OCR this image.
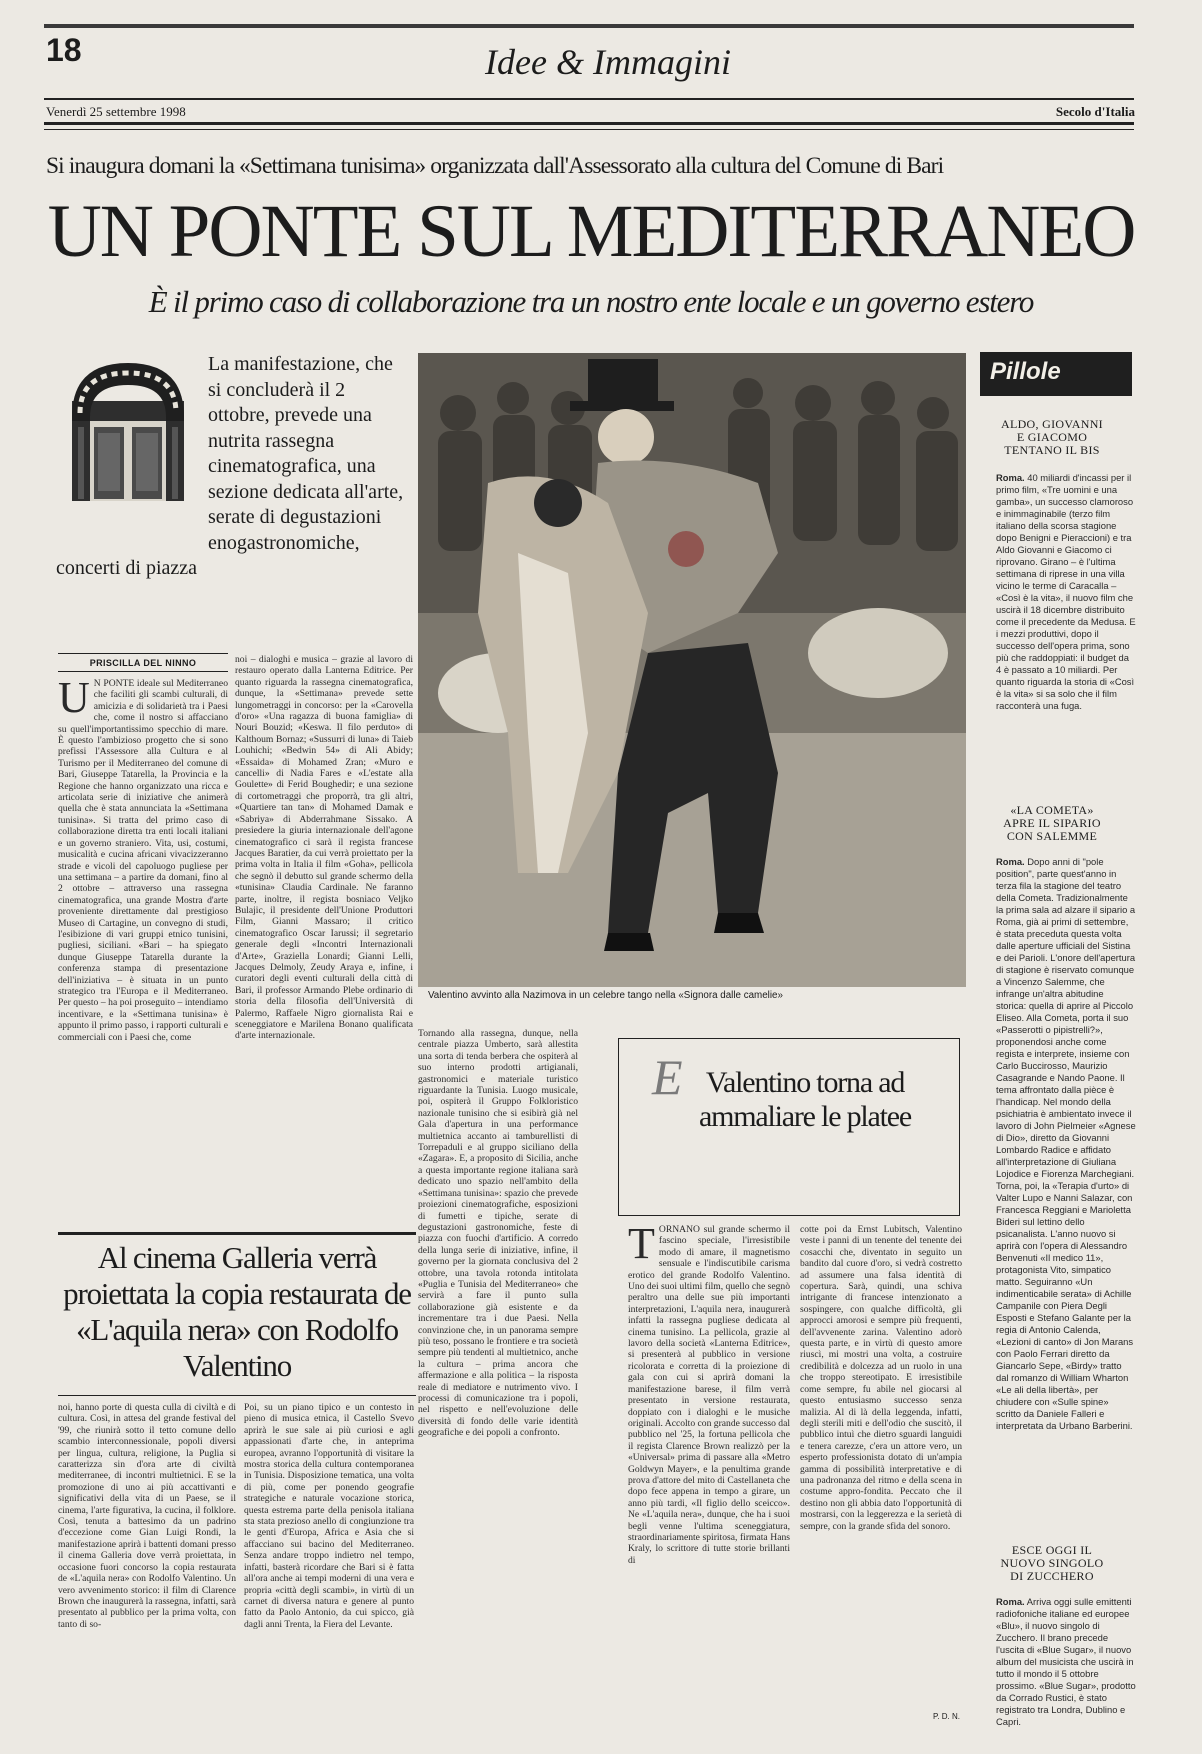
18	Idee & Immagini
Venerdì 25 settembre 1998	Secolo d'Italia
Si inaugura domani la «Settimana tunisima» organizzata dall'Assessorato alla cultura del Comune di Bari
UN PONTE SUL MEDITERRANEO
È il primo caso di collaborazione tra un nostro ente locale e un governo estero
La manifestazione, che si concluderà il 2 ottobre, prevede una nutrita rassegna cinematografica, una sezione dedicata all'arte, serate di degustazioni enogastronomiche, concerti di piazza
Valentino avvinto alla Nazimova in un celebre tango nella «Signora dalle camelie»
PRISCILLA DEL NINNO
U N PONTE ideale sul Mediterraneo che faciliti gli scambi culturali, di amicizia e di solidarietà tra i Paesi che, come il nostro si affacciano su quell'importantissimo specchio di mare. È questo l'ambizioso progetto che si sono prefissi l'Assessore alla Cultura e al Turismo per il Mediterraneo del comune di Bari, Giuseppe Tatarella, la Provincia e la Regione che hanno organizzato una ricca e articolata serie di iniziative che animerà quella che è stata annunciata la «Settimana tunisina». Si tratta del primo caso di collaborazione diretta tra enti locali italiani e un governo straniero. Vita, usi, costumi, musicalità e cucina africani vivacizzeranno strade e vicoli del capoluogo pugliese per una settimana – a partire da domani, fino al 2 ottobre – attraverso una rassegna cinematografica, una grande Mostra d'arte proveniente direttamente dal prestigioso Museo di Cartagine, un convegno di studi, l'esibizione di vari gruppi etnico tunisini, pugliesi, siciliani. «Bari – ha spiegato dunque Giuseppe Tatarella durante la conferenza stampa di presentazione dell'iniziativa – è situata in un punto strategico tra l'Europa e il Mediterraneo. Per questo – ha poi proseguito – intendiamo incentivare, e la «Settimana tunisina» è appunto il primo passo, i rapporti culturali e commerciali con i Paesi che, come
noi – dialoghi e musica – grazie al lavoro di restauro operato dalla Lanterna Editrice. Per quanto riguarda la rassegna cinematografica, dunque, la «Settimana» prevede sette lungometraggi in concorso: per la «Carovella d'oro» «Una ragazza di buona famiglia» di Nouri Bouzid; «Keswa. Il filo perduto» di Kalthoum Bornaz; «Sussurri di luna» di Taieb Louhichi; «Bedwin 54» di Ali Abidy; «Essaida» di Mohamed Zran; «Muro e cancelli» di Nadia Fares e «L'estate alla Goulette» di Ferid Boughedir; e una sezione di cortometraggi che proporrà, tra gli altri, «Quartiere tan tan» di Mohamed Damak e «Sabriya» di Abderrahmane Sissako. A presiedere la giuria internazionale dell'agone cinematografico ci sarà il regista francese Jacques Baratier, da cui verrà proiettato per la prima volta in Italia il film «Goha», pellicola che segnò il debutto sul grande schermo della «tunisina» Claudia Cardinale. Ne faranno parte, inoltre, il regista bosniaco Veljko Bulajic, il presidente dell'Unione Produttori Film, Gianni Massaro; il critico cinematografico Oscar Iarussi; il segretario generale degli «Incontri Internazionali d'Arte», Graziella Lonardi; Gianni Lelli, Jacques Delmoly, Zeudy Araya e, infine, i curatori degli eventi culturali della città di Bari, il professor Armando Plebe ordinario di storia della filosofia dell'Università di Palermo, Raffaele Nigro giornalista Rai e sceneggiatore e Marilena Bonano qualificata d'arte internazionale.	Tornando alla rassegna, dunque, nella centrale piazza Umberto, sarà allestita una sorta di tenda berbera che ospiterà al suo interno prodotti artigianali, gastronomici e materiale turistico riguardante la Tunisia. Luogo musicale, poi, ospiterà il Gruppo Folkloristico nazionale tunisino che si esibirà già nel Gala d'apertura in una performance multietnica accanto ai tamburellisti di Torrepaduli e al gruppo siciliano della «Zagara». E, a proposito di Sicilia, anche a questa importante regione italiana sarà dedicato uno spazio nell'ambito della «Settimana tunisina»: spazio che prevede proiezioni cinematografiche, esposizioni di fumetti e tipiche, serate di degustazioni gastronomiche, feste di piazza con fuochi d'artificio. A corredo della lunga serie di iniziative, infine, il governo per la giornata conclusiva del 2 ottobre, una tavola rotonda intitolata «Puglia e Tunisia del Mediterraneo» che servirà a fare il punto sulla collaborazione già esistente e da incrementare tra i due Paesi. Nella convinzione che, in un panorama sempre più teso, possano le frontiere e tra società sempre più tendenti al multietnico, anche la cultura – prima ancora che affermazione e alla politica – la risposta reale di mediatore e nutrimento vivo. I processi di comunicazione tra i popoli, nel rispetto e nell'evoluzione delle diversità di fondo delle varie identità geografiche e dei popoli a confronto.
Al cinema Galleria verrà proiettata la copia restaurata de «L'aquila nera» con Rodolfo Valentino
noi, hanno porte di questa culla di civiltà e di cultura. Così, in attesa del grande festival del '99, che riunirà sotto il tetto comune dello scambio interconnessionale, popoli diversi per lingua, cultura, religione, la Puglia si caratterizza sin d'ora arte di civiltà mediterranee, di incontri multietnici. E se la promozione di uno ai più accattivanti e significativi della vita di un Paese, se il cinema, l'arte figurativa, la cucina, il folklore. Così, tenuta a battesimo da un padrino d'eccezione come Gian Luigi Rondi, la manifestazione aprirà i battenti domani presso il cinema Galleria dove verrà proiettata, in occasione fuori concorso la copia restaurata de «L'aquila nera» con Rodolfo Valentino. Un vero avvenimento storico: il film di Clarence Brown che inaugurerà la rassegna, infatti, sarà presentato al pubblico per la prima volta, con tanto di so-
Poi, su un piano tipico e un contesto in pieno di musica etnica, il Castello Svevo aprirà le sue sale ai più curiosi e agli appassionati d'arte che, in anteprima europea, avranno l'opportunità di visitare la mostra storica della cultura contemporanea in Tunisia. Disposizione tematica, una volta di più, come per ponendo geografie strategiche e naturale vocazione storica, questa estrema parte della penisola italiana sta stata prezioso anello di congiunzione tra le genti d'Europa, Africa e Asia che si affacciano sui bacino del Mediterraneo. Senza andare troppo indietro nel tempo, infatti, basterà ricordare che Bari si è fatta all'ora anche ai tempi moderni di una vera e propria «città degli scambi», in virtù di un carnet di diversa natura e genere al punto fatto da Paolo Antonio, da cui spicco, già dagli anni Trenta, la Fiera del Levante.
E Valentino torna ad ammaliare le platee
TORNANO sul grande schermo il fascino speciale, l'irresistibile modo di amare, il magnetismo sensuale e l'indiscutibile carisma erotico del grande Rodolfo Valentino. Uno dei suoi ultimi film, quello che segnò peraltro una delle sue più importanti interpretazioni, L'aquila nera, inaugurerà infatti la rassegna pugliese dedicata al cinema tunisino. La pellicola, grazie al lavoro della società «Lanterna Editrice», si presenterà al pubblico in versione ricolorata e corretta di la proiezione di gala con cui si aprirà domani la manifestazione barese, il film verrà presentato in versione restaurata, doppiato con i dialoghi e le musiche originali. Accolto con grande successo dal pubblico nel '25, la fortuna pellicola che il regista Clarence Brown realizzò per la «Universal» prima di passare alla «Metro Goldwyn Mayer», e la penultima grande prova d'attore del mito di Castellaneta che dopo fece appena in tempo a girare, un anno più tardi, «Il figlio dello sceicco». Ne «L'aquila nera», dunque, che ha i suoi begli venne l'ultima sceneggiatura, straordinariamente spiritosa, firmata Hans Kraly, lo scrittore di tutte storie brillanti di
cotte poi da Ernst Lubitsch, Valentino veste i panni di un tenente del tenente dei cosacchi che, diventato in seguito un bandito dal cuore d'oro, si vedrà costretto ad assumere una falsa identità di copertura. Sarà, quindi, una schiva intrigante di francese intenzionato a sospingere, con qualche difficoltà, gli approcci amorosi e sempre più frequenti, dell'avvenente zarina. Valentino adorò questa parte, e in virtù di questo amore riuscì, mi mostri una volta, a costruire credibilità e dolcezza ad un ruolo in una che troppo stereotipato. E irresistibile come sempre, fu abile nel giocarsi al questo entusiasmo successo senza malizia. Al di là della leggenda, infatti, degli sterili miti e dell'odio che suscitò, il pubblico intuì che dietro sguardi languidi e tenera carezze, c'era un attore vero, un esperto professionista dotato di un'ampia gamma di possibilità interpretative e di una padronanza del ritmo e della scena in costume appro-fondita. Peccato che il destino non gli abbia dato l'opportunità di mostrarsi, con la leggerezza e la serietà di sempre, con la grande sfida del sonoro.
P. D. N.
Pillole
ALDO, GIOVANNI E GIACOMO TENTANO IL BIS
Roma. 40 miliardi d'incassi per il primo film, «Tre uomini e una gamba», un successo clamoroso e inimmaginabile (terzo film italiano della scorsa stagione dopo Benigni e Pieraccioni) e tra Aldo Giovanni e Giacomo ci riprovano. Girano – è l'ultima settimana di riprese in una villa vicino le terme di Caracalla – «Così è la vita», il nuovo film che uscirà il 18 dicembre distribuito come il precedente da Medusa. E i mezzi produttivi, dopo il successo dell'opera prima, sono più che raddoppiati: il budget da 4 è passato a 10 miliardi. Per quanto riguarda la storia di «Così è la vita» si sa solo che il film racconterà una fuga.
«LA COMETA» APRE IL SIPARIO CON SALEMME
Roma. Dopo anni di "pole position", parte quest'anno in terza fila la stagione del teatro della Cometa. Tradizionalmente la prima sala ad alzare il sipario a Roma, già ai primi di settembre, è stata preceduta questa volta dalle aperture ufficiali del Sistina e dei Parioli. L'onore dell'apertura di stagione è riservato comunque a Vincenzo Salemme, che infrange un'altra abitudine storica: quella di aprire al Piccolo Eliseo. Alla Cometa, porta il suo «Passerotti o pipistrelli?», proponendosi anche come regista e interprete, insieme con Carlo Buccirosso, Maurizio Casagrande e Nando Paone. Il tema affrontato dalla pièce è l'handicap. Nel mondo della psichiatria è ambientato invece il lavoro di John Pielmeier «Agnese di Dio», diretto da Giovanni Lombardo Radice e affidato all'interpretazione di Giuliana Lojodice e Fiorenza Marchegiani. Torna, poi, la «Terapia d'urto» di Valter Lupo e Nanni Salazar, con Francesca Reggiani e Marioletta Bideri sul lettino dello psicanalista. L'anno nuovo si aprirà con l'opera di Alessandro Benvenuti «Il medico 11», protagonista Vito, simpatico matto. Seguiranno «Un indimenticabile serata» di Achille Campanile con Piera Degli Esposti e Stefano Galante per la regia di Antonio Calenda, «Lezioni di canto» di Jon Marans con Paolo Ferrari diretto da Giancarlo Sepe, «Birdy» tratto dal romanzo di William Wharton «Le ali della libertà», per chiudere con «Sulle spine» scritto da Daniele Falleri e interpretata da Urbano Barberini.
ESCE OGGI IL NUOVO SINGOLO DI ZUCCHERO
Roma. Arriva oggi sulle emittenti radiofoniche italiane ed europee «Blu», il nuovo singolo di Zucchero. Il brano precede l'uscita di «Blue Sugar», il nuovo album del musicista che uscirà in tutto il mondo il 5 ottobre prossimo. «Blue Sugar», prodotto da Corrado Rustici, è stato registrato tra Londra, Dublino e Capri.
